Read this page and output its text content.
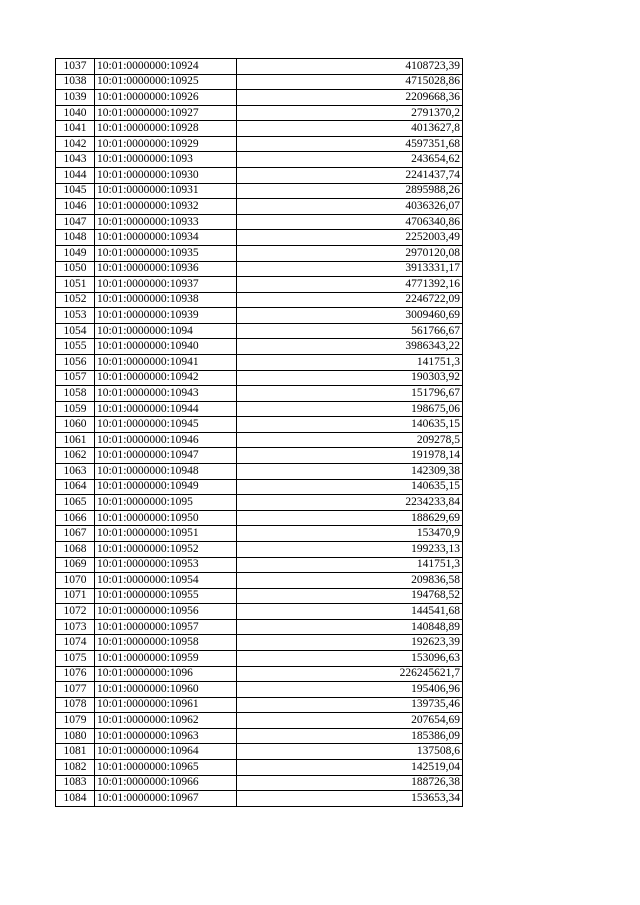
1037	10:01:0000000:10924	4108723,39
1038	10:01:0000000:10925	4715028,86
1039	10:01:0000000:10926	2209668,36
1040	10:01:0000000:10927	2791370,2
1041	10:01:0000000:10928	4013627,8
1042	10:01:0000000:10929	4597351,68
1043	10:01:0000000:1093	243654,62
1044	10:01:0000000:10930	2241437,74
1045	10:01:0000000:10931	2895988,26
1046	10:01:0000000:10932	4036326,07
1047	10:01:0000000:10933	4706340,86
1048	10:01:0000000:10934	2252003,49
1049	10:01:0000000:10935	2970120,08
1050	10:01:0000000:10936	3913331,17
1051	10:01:0000000:10937	4771392,16
1052	10:01:0000000:10938	2246722,09
1053	10:01:0000000:10939	3009460,69
1054	10:01:0000000:1094	561766,67
1055	10:01:0000000:10940	3986343,22
1056	10:01:0000000:10941	141751,3
1057	10:01:0000000:10942	190303,92
1058	10:01:0000000:10943	151796,67
1059	10:01:0000000:10944	198675,06
1060	10:01:0000000:10945	140635,15
1061	10:01:0000000:10946	209278,5
1062	10:01:0000000:10947	191978,14
1063	10:01:0000000:10948	142309,38
1064	10:01:0000000:10949	140635,15
1065	10:01:0000000:1095	2234233,84
1066	10:01:0000000:10950	188629,69
1067	10:01:0000000:10951	153470,9
1068	10:01:0000000:10952	199233,13
1069	10:01:0000000:10953	141751,3
1070	10:01:0000000:10954	209836,58
1071	10:01:0000000:10955	194768,52
1072	10:01:0000000:10956	144541,68
1073	10:01:0000000:10957	140848,89
1074	10:01:0000000:10958	192623,39
1075	10:01:0000000:10959	153096,63
1076	10:01:0000000:1096	226245621,7
1077	10:01:0000000:10960	195406,96
1078	10:01:0000000:10961	139735,46
1079	10:01:0000000:10962	207654,69
1080	10:01:0000000:10963	185386,09
1081	10:01:0000000:10964	137508,6
1082	10:01:0000000:10965	142519,04
1083	10:01:0000000:10966	188726,38
1084	10:01:0000000:10967	153653,34
